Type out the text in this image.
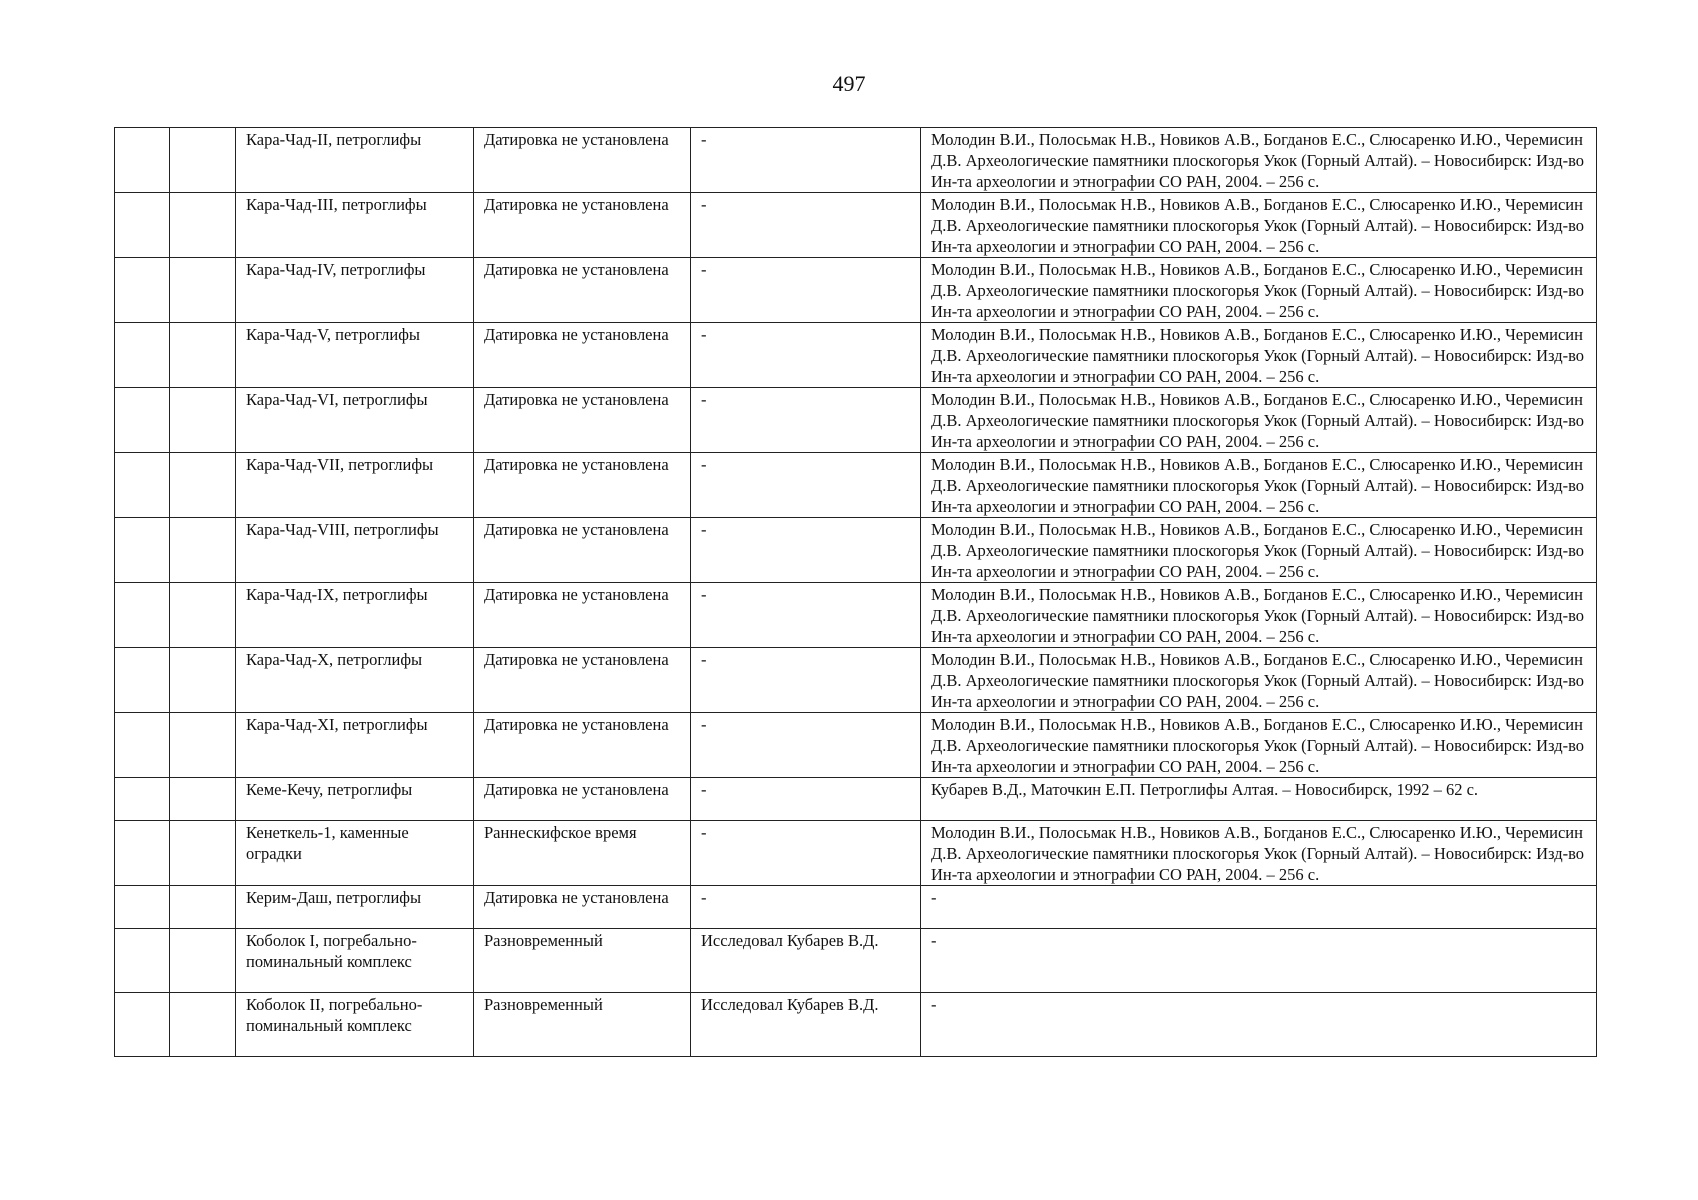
497
		Кара-Чад-II, петроглифы	Датировка не установлена	-	Молодин В.И., Полосьмак Н.В., Новиков А.В., Богданов Е.С., Слюсаренко И.Ю., Черемисин Д.В. Археологические памятники плоскогорья Укок (Горный Алтай). – Новосибирск: Изд-во Ин-та археологии и этнографии СО РАН, 2004. – 256 с.
		Кара-Чад-III, петроглифы	Датировка не установлена	-	Молодин В.И., Полосьмак Н.В., Новиков А.В., Богданов Е.С., Слюсаренко И.Ю., Черемисин Д.В. Археологические памятники плоскогорья Укок (Горный Алтай). – Новосибирск: Изд-во Ин-та археологии и этнографии СО РАН, 2004. – 256 с.
		Кара-Чад-IV, петроглифы	Датировка не установлена	-	Молодин В.И., Полосьмак Н.В., Новиков А.В., Богданов Е.С., Слюсаренко И.Ю., Черемисин Д.В. Археологические памятники плоскогорья Укок (Горный Алтай). – Новосибирск: Изд-во Ин-та археологии и этнографии СО РАН, 2004. – 256 с.
		Кара-Чад-V, петроглифы	Датировка не установлена	-	Молодин В.И., Полосьмак Н.В., Новиков А.В., Богданов Е.С., Слюсаренко И.Ю., Черемисин Д.В. Археологические памятники плоскогорья Укок (Горный Алтай). – Новосибирск: Изд-во Ин-та археологии и этнографии СО РАН, 2004. – 256 с.
		Кара-Чад-VI, петроглифы	Датировка не установлена	-	Молодин В.И., Полосьмак Н.В., Новиков А.В., Богданов Е.С., Слюсаренко И.Ю., Черемисин Д.В. Археологические памятники плоскогорья Укок (Горный Алтай). – Новосибирск: Изд-во Ин-та археологии и этнографии СО РАН, 2004. – 256 с.
		Кара-Чад-VII, петроглифы	Датировка не установлена	-	Молодин В.И., Полосьмак Н.В., Новиков А.В., Богданов Е.С., Слюсаренко И.Ю., Черемисин Д.В. Археологические памятники плоскогорья Укок (Горный Алтай). – Новосибирск: Изд-во Ин-та археологии и этнографии СО РАН, 2004. – 256 с.
		Кара-Чад-VIII, петроглифы	Датировка не установлена	-	Молодин В.И., Полосьмак Н.В., Новиков А.В., Богданов Е.С., Слюсаренко И.Ю., Черемисин Д.В. Археологические памятники плоскогорья Укок (Горный Алтай). – Новосибирск: Изд-во Ин-та археологии и этнографии СО РАН, 2004. – 256 с.
		Кара-Чад-IX, петроглифы	Датировка не установлена	-	Молодин В.И., Полосьмак Н.В., Новиков А.В., Богданов Е.С., Слюсаренко И.Ю., Черемисин Д.В. Археологические памятники плоскогорья Укок (Горный Алтай). – Новосибирск: Изд-во Ин-та археологии и этнографии СО РАН, 2004. – 256 с.
		Кара-Чад-X, петроглифы	Датировка не установлена	-	Молодин В.И., Полосьмак Н.В., Новиков А.В., Богданов Е.С., Слюсаренко И.Ю., Черемисин Д.В. Археологические памятники плоскогорья Укок (Горный Алтай). – Новосибирск: Изд-во Ин-та археологии и этнографии СО РАН, 2004. – 256 с.
		Кара-Чад-XI, петроглифы	Датировка не установлена	-	Молодин В.И., Полосьмак Н.В., Новиков А.В., Богданов Е.С., Слюсаренко И.Ю., Черемисин Д.В. Археологические памятники плоскогорья Укок (Горный Алтай). – Новосибирск: Изд-во Ин-та археологии и этнографии СО РАН, 2004. – 256 с.
		Кеме-Кечу, петроглифы	Датировка не установлена	-	Кубарев В.Д., Маточкин Е.П. Петроглифы Алтая. – Новосибирск, 1992 – 62 с.
		Кенеткель-1, каменные оградки	Раннескифское время	-	Молодин В.И., Полосьмак Н.В., Новиков А.В., Богданов Е.С., Слюсаренко И.Ю., Черемисин Д.В. Археологические памятники плоскогорья Укок (Горный Алтай). – Новосибирск: Изд-во Ин-та археологии и этнографии СО РАН, 2004. – 256 с.
		Керим-Даш, петроглифы	Датировка не установлена	-	-
		Коболок I, погребально-поминальный комплекс	Разновременный	Исследовал Кубарев В.Д.	-
		Коболок II, погребально-поминальный комплекс	Разновременный	Исследовал Кубарев В.Д.	-
